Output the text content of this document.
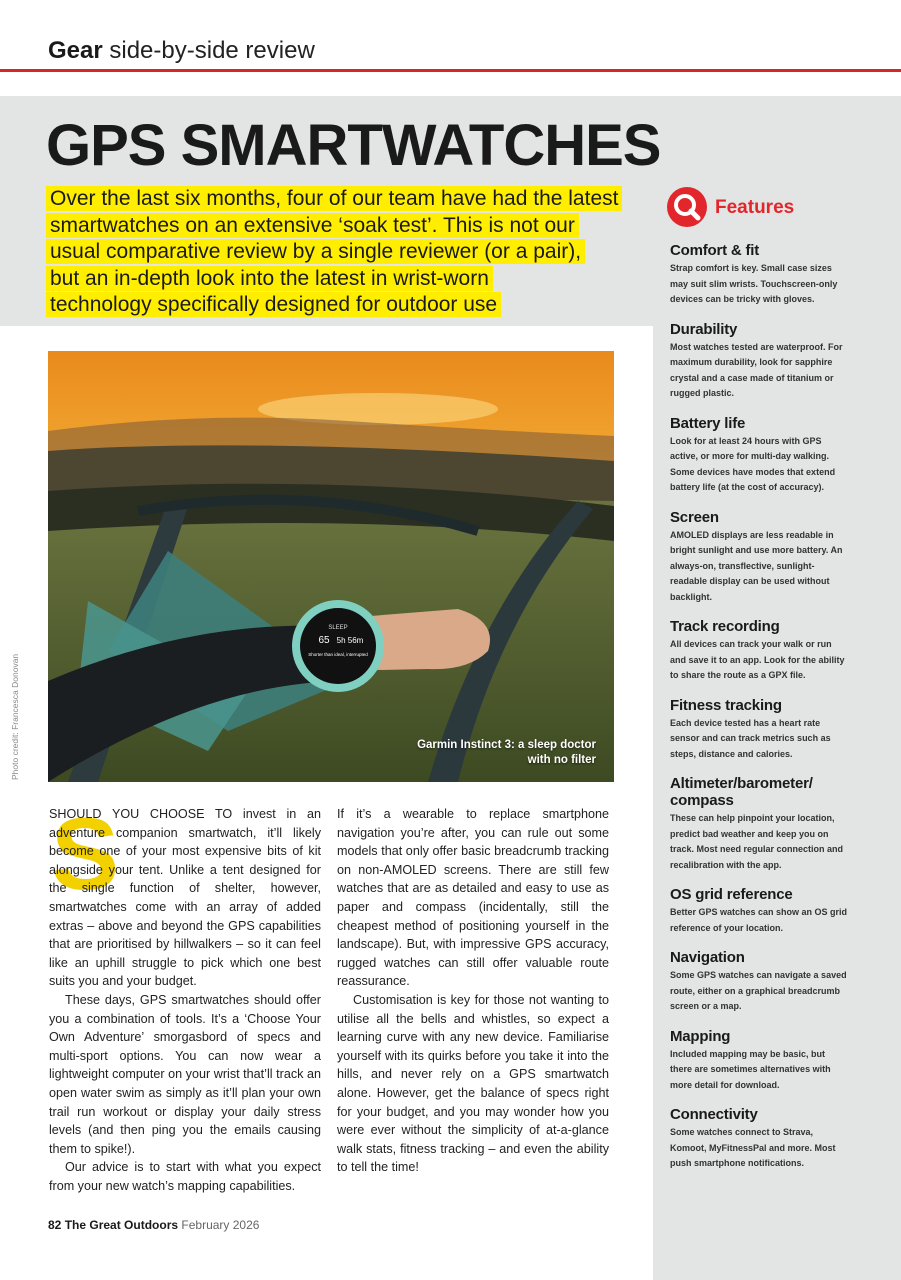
Gear side-by-side review
GPS SMARTWATCHES
Over the last six months, four of our team have had the latest
smartwatches on an extensive ‘soak test’. This is not our
usual comparative review by a single reviewer (or a pair),
but an in-depth look into the latest in wrist-worn
technology specifically designed for outdoor use
SLEEP
65 5h 56m
Shorter than ideal, interrupted
Garmin Instinct 3: a sleep doctor with no filter
Photo credit: Francesca Donovan
S

SHOULD YOU CHOOSE TO invest in an adventure companion smartwatch, it’ll likely become one of your most expensive bits of kit alongside your tent. Unlike a tent designed for the single function of shelter, however, smartwatches come with an array of added extras – above and beyond the GPS capabilities that are prioritised by hillwalkers – so it can feel like an uphill struggle to pick which one best suits you and your budget.

These days, GPS smartwatches should offer you a combination of tools. It’s a ‘Choose Your Own Adventure’ smorgasbord of specs and multi-sport options. You can now wear a lightweight computer on your wrist that’ll track an open water swim as simply as it’ll plan your own trail run workout or display your daily stress levels (and then ping you the emails causing them to spike!).

Our advice is to start with what you expect from your new watch’s mapping capabilities.

If it’s a wearable to replace smartphone navigation you’re after, you can rule out some models that only offer basic breadcrumb tracking on non-AMOLED screens. There are still few watches that are as detailed and easy to use as paper and compass (incidentally, still the cheapest method of positioning yourself in the landscape). But, with impressive GPS accuracy, rugged watches can still offer valuable route reassurance.

Customisation is key for those not wanting to utilise all the bells and whistles, so expect a learning curve with any new device. Familiarise yourself with its quirks before you take it into the hills, and never rely on a GPS smartwatch alone. However, get the balance of specs right for your budget, and you may wonder how you were ever without the simplicity of at-a-glance walk stats, fitness tracking – and even the ability to tell the time!

82 The Great Outdoors February 2026
Features
Comfort & fit

Strap comfort is key. Small case sizes may suit slim wrists. Touchscreen-only devices can be tricky with gloves.

Durability

Most watches tested are waterproof. For maximum durability, look for sapphire crystal and a case made of titanium or rugged plastic.

Battery life

Look for at least 24 hours with GPS active, or more for multi-day walking. Some devices have modes that extend battery life (at the cost of accuracy).

Screen

AMOLED displays are less readable in bright sunlight and use more battery. An always-on, transflective, sunlight-readable display can be used without backlight.

Track recording

All devices can track your walk or run and save it to an app. Look for the ability to share the route as a GPX file.

Fitness tracking

Each device tested has a heart rate sensor and can track metrics such as steps, distance and calories.

Altimeter/barometer/ compass

These can help pinpoint your location, predict bad weather and keep you on track. Most need regular connection and recalibration with the app.

OS grid reference

Better GPS watches can show an OS grid reference of your location.

Navigation

Some GPS watches can navigate a saved route, either on a graphical breadcrumb screen or a map.

Mapping

Included mapping may be basic, but there are sometimes alternatives with more detail for download.

Connectivity

Some watches connect to Strava, Komoot, MyFitnessPal and more. Most push smartphone notifications.
